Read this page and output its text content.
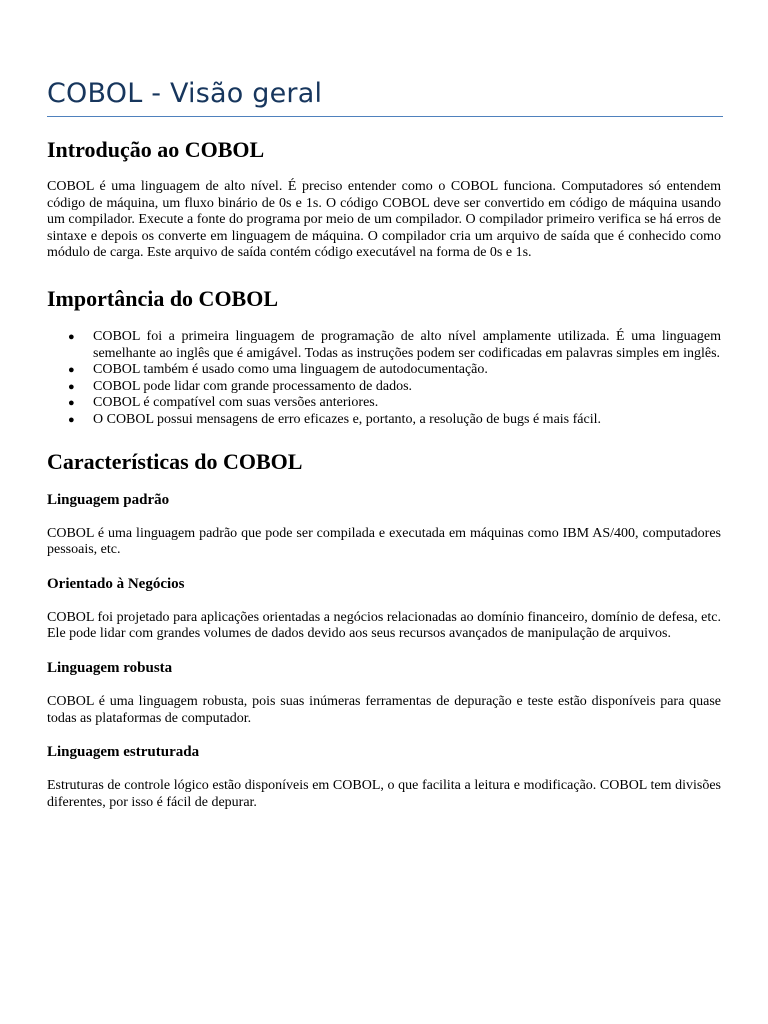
COBOL - Visão geral
Introdução ao COBOL

COBOL é uma linguagem de alto nível. É preciso entender como o COBOL funciona. Computadores só entendem código de máquina, um fluxo binário de 0s e 1s. O código COBOL deve ser convertido em código de máquina usando um compilador. Execute a fonte do programa por meio de um compilador. O compilador primeiro verifica se há erros de sintaxe e depois os converte em linguagem de máquina. O compilador cria um arquivo de saída que é conhecido como módulo de carga. Este arquivo de saída contém código executável na forma de 0s e 1s.

Importância do COBOL
● COBOL foi a primeira linguagem de programação de alto nível amplamente utilizada. É uma linguagem semelhante ao inglês que é amigável. Todas as instruções podem ser codificadas em palavras simples em inglês.
● COBOL também é usado como uma linguagem de autodocumentação.
● COBOL pode lidar com grande processamento de dados.
● COBOL é compatível com suas versões anteriores.
● O COBOL possui mensagens de erro eficazes e, portanto, a resolução de bugs é mais fácil.
Características do COBOL
Linguagem padrão

COBOL é uma linguagem padrão que pode ser compilada e executada em máquinas como IBM AS/400, computadores pessoais, etc.

Orientado à Negócios

COBOL foi projetado para aplicações orientadas a negócios relacionadas ao domínio financeiro, domínio de defesa, etc. Ele pode lidar com grandes volumes de dados devido aos seus recursos avançados de manipulação de arquivos.

Linguagem robusta

COBOL é uma linguagem robusta, pois suas inúmeras ferramentas de depuração e teste estão disponíveis para quase todas as plataformas de computador.

Linguagem estruturada

Estruturas de controle lógico estão disponíveis em COBOL, o que facilita a leitura e modificação. COBOL tem divisões diferentes, por isso é fácil de depurar.
